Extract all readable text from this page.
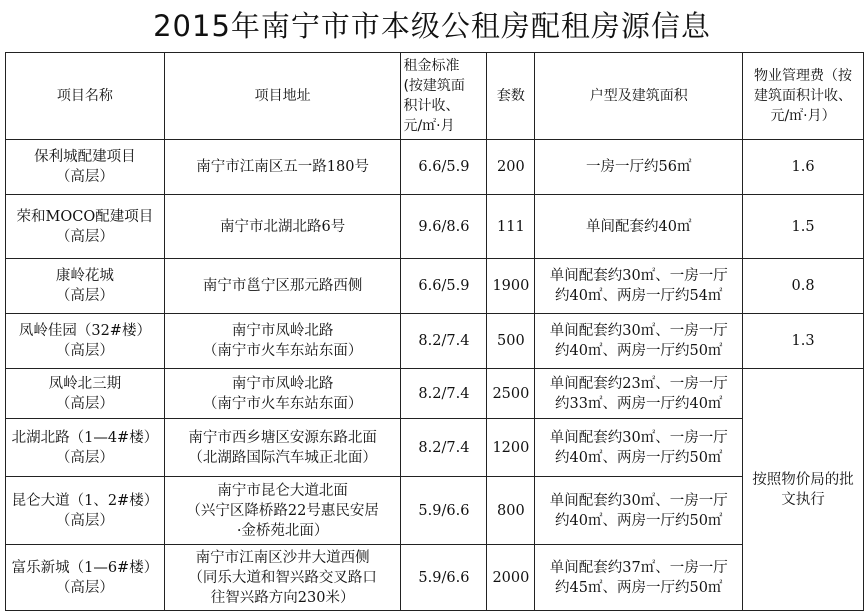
2015年南宁市市本级公租房配租房源信息
项目名称	项目地址	租金标准
(按建筑面
积计收、
元/㎡·月	套数	户型及建筑面积	物业管理费（按
建筑面积计收、
元/㎡·月）

保利城配建项目
（高层）	南宁市江南区五一路180号	6.6/5.9	200	一房一厅约56㎡	1.6

荣和MOCO配建项目
（高层）	南宁市北湖北路6号	9.6/8.6	111	单间配套约40㎡	1.5

康岭花城
（高层）	南宁市邕宁区那元路西侧	6.6/5.9	1900	单间配套约30㎡、一房一厅
约40㎡、两房一厅约54㎡	0.8

凤岭佳园（32#楼）
（高层）	南宁市凤岭北路
（南宁市火车东站东面）	8.2/7.4	500	单间配套约30㎡、一房一厅
约40㎡、两房一厅约50㎡	1.3

凤岭北三期
（高层）	南宁市凤岭北路
（南宁市火车东站东面）	8.2/7.4	2500	单间配套约23㎡、一房一厅
约33㎡、两房一厅约40㎡	按照物价局的批
文执行

北湖北路（1—4#楼）
（高层）	南宁市西乡塘区安源东路北面
（北湖路国际汽车城正北面）	8.2/7.4	1200	单间配套约30㎡、一房一厅
约40㎡、两房一厅约50㎡	

昆仑大道（1、2#楼）
（高层）	南宁市昆仑大道北面
（兴宁区降桥路22号惠民安居
·金桥苑北面）	5.9/6.6	800	单间配套约30㎡、一房一厅
约40㎡、两房一厅约50㎡	

富乐新城（1—6#楼）
（高层）	南宁市江南区沙井大道西侧
（同乐大道和智兴路交叉路口
往智兴路方向230米）	5.9/6.6	2000	单间配套约37㎡、一房一厅
约45㎡、两房一厅约50㎡	
